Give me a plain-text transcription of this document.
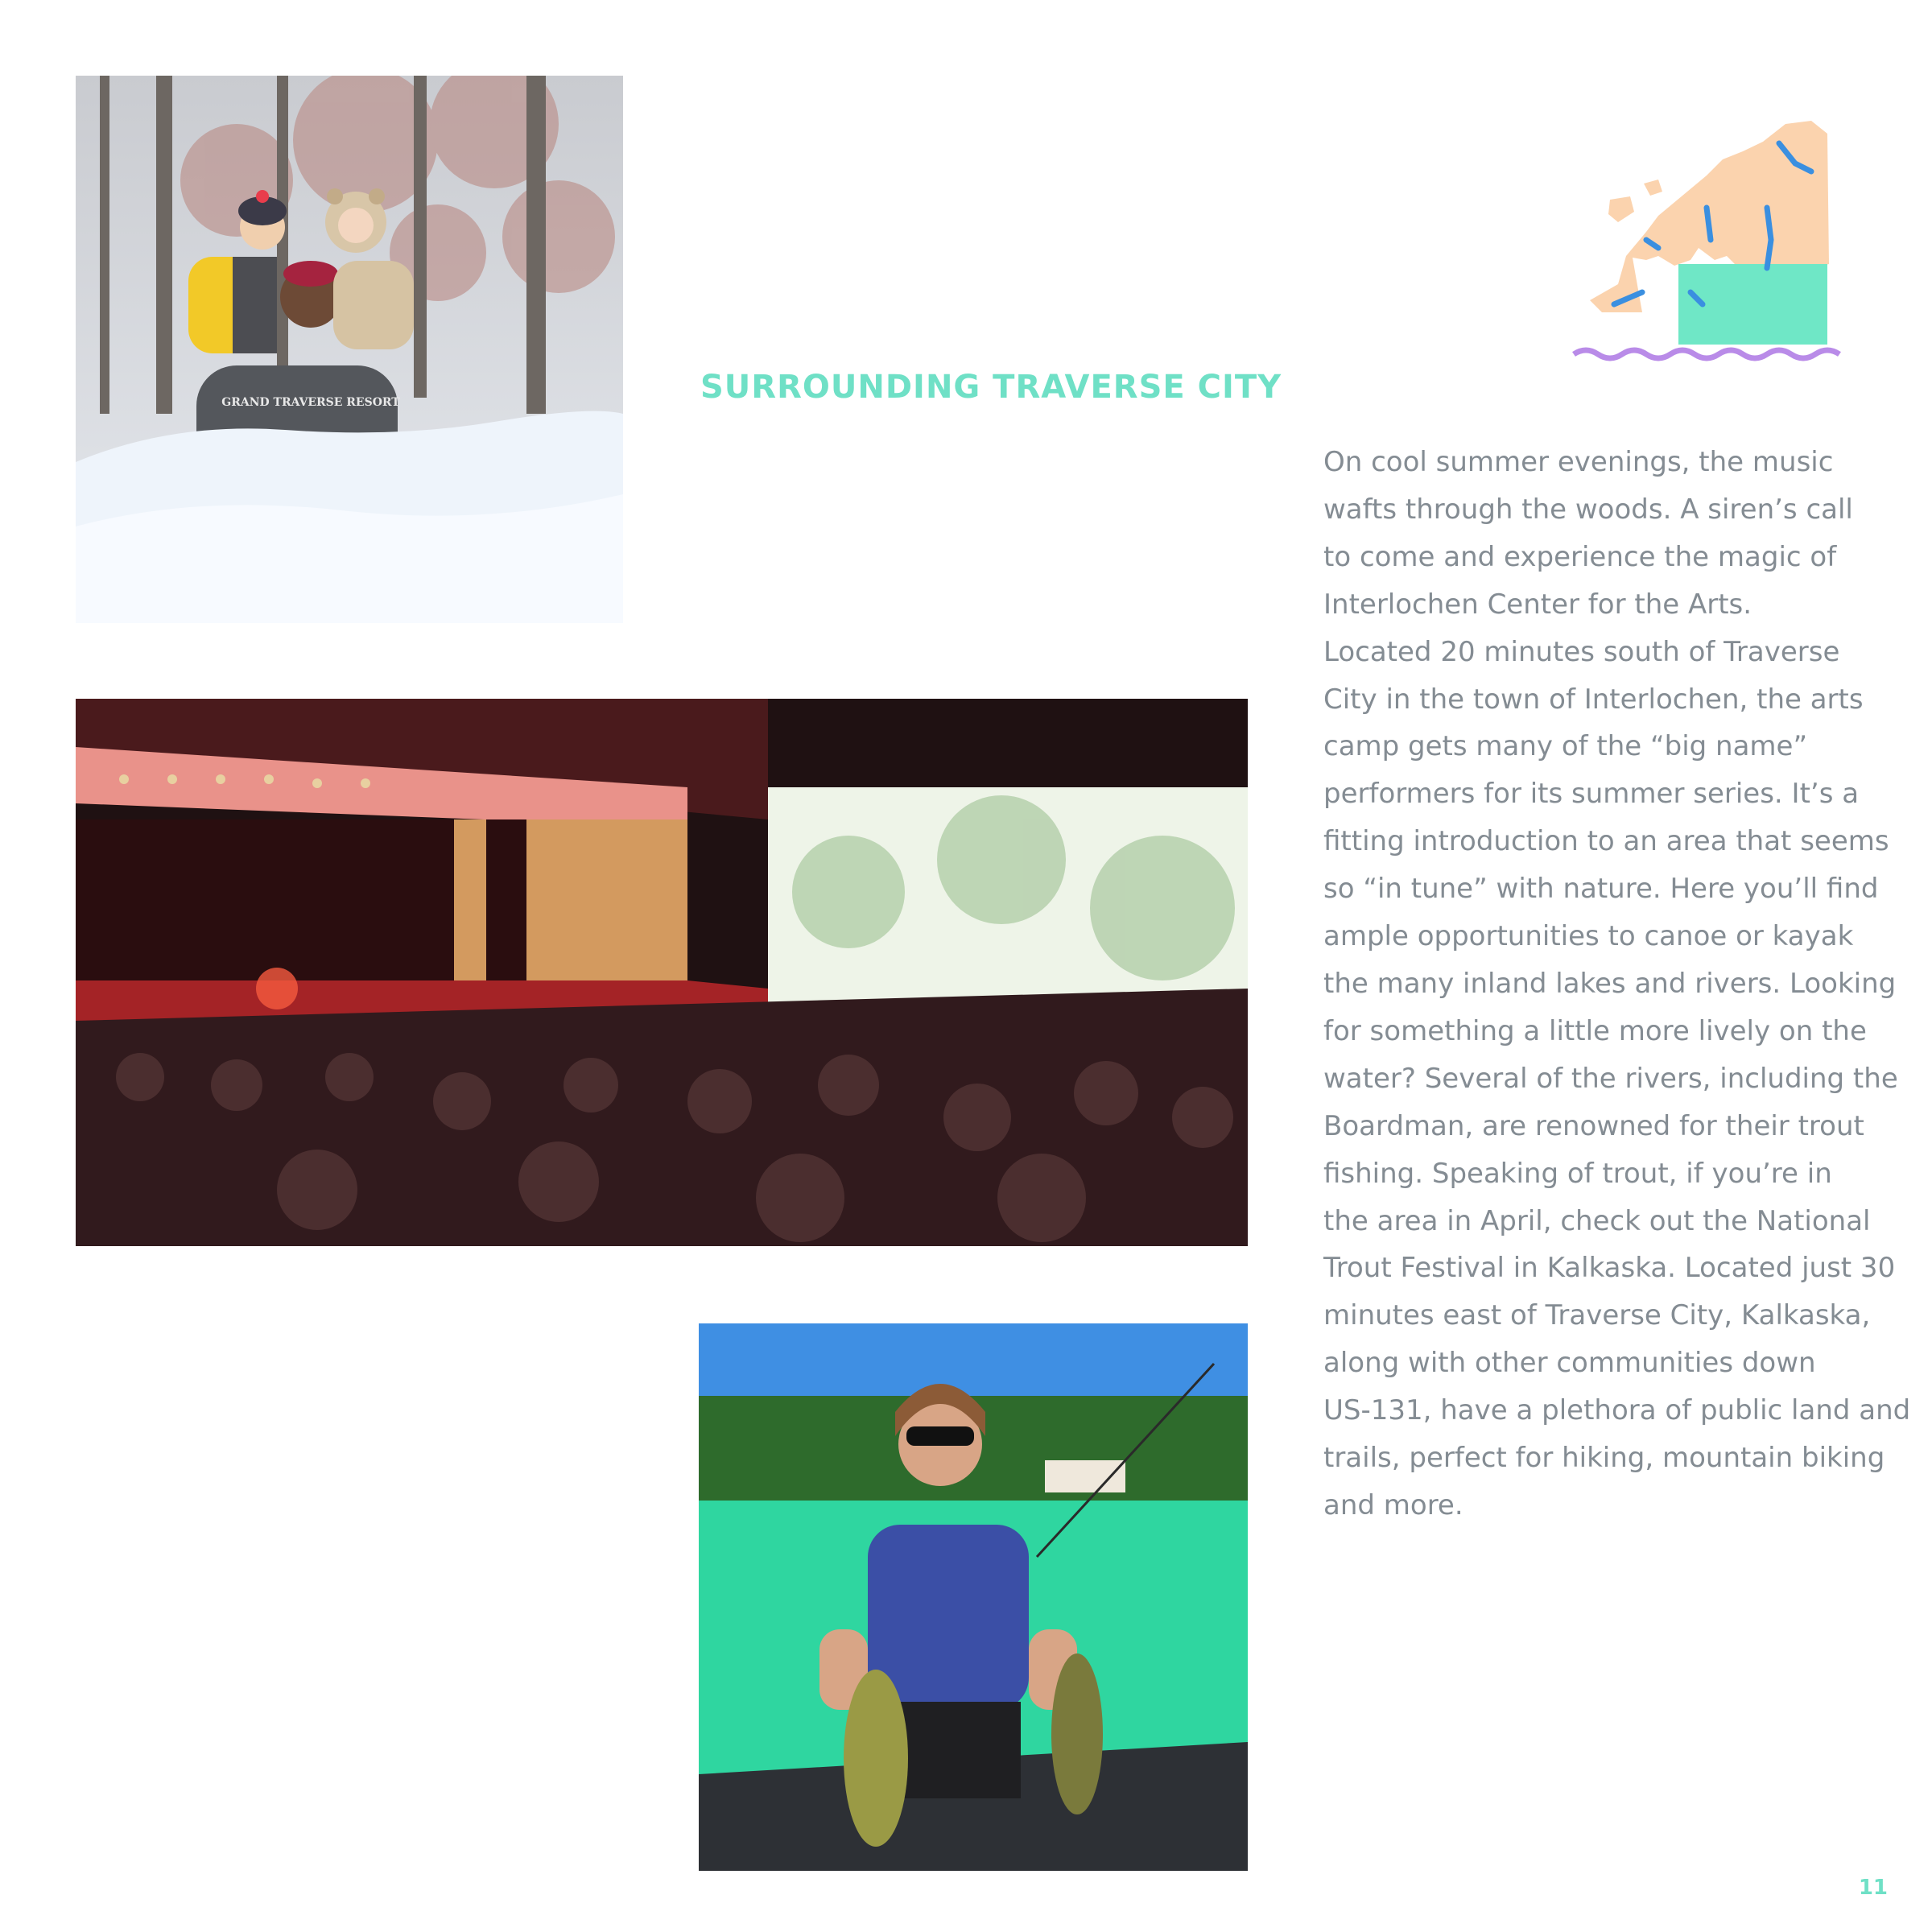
GRAND TRAVERSE RESORT	SURROUNDING TRAVERSE CITY

On cool summer evenings, the music
wafts through the woods. A siren’s call
to come and experience the magic of
Interlochen Center for the Arts.
Located 20 minutes south of Traverse
City in the town of Interlochen, the arts
camp gets many of the “big name”
performers for its summer series. It’s a
fitting introduction to an area that seems
so “in tune” with nature. Here you’ll find
ample opportunities to canoe or kayak
the many inland lakes and rivers. Looking
for something a little more lively on the
water? Several of the rivers, including the
Boardman, are renowned for their trout
fishing. Speaking of trout, if you’re in
the area in April, check out the National
Trout Festival in Kalkaska. Located just 30
minutes east of Traverse City, Kalkaska,
along with other communities down
US-131, have a plethora of public land and
trails, perfect for hiking, mountain biking
and more.

11
